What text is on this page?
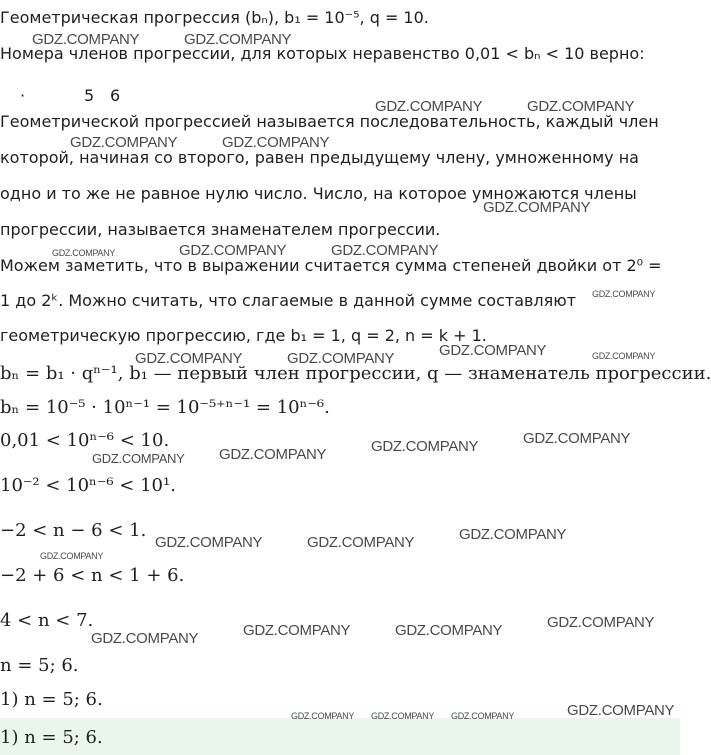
Геометрическая прогрессия (bₙ), b₁ = 10⁻⁵, q = 10.
Номера членов прогрессии, для которых неравенство 0,01 < bₙ < 10 верно:
·	5 6
Геометрической прогрессией называется последовательность, каждый член
которой, начиная со второго, равен предыдущему члену, умноженному на
одно и то же не равное нулю число. Число, на которое умножаются члены
прогрессии, называется знаменателем прогрессии.
Можем заметить, что в выражении считается сумма степеней двойки от 2⁰ =
1 до 2ᵏ. Можно считать, что слагаемые в данной сумме составляют
геометрическую прогрессию, где b₁ = 1, q = 2, n = k + 1.
bₙ = b₁ · qⁿ⁻¹, b₁ — первый член прогрессии, q — знаменатель прогрессии.
bₙ = 10⁻⁵ · 10ⁿ⁻¹ = 10⁻⁵⁺ⁿ⁻¹ = 10ⁿ⁻⁶.
0,01 < 10ⁿ⁻⁶ < 10.
10⁻² < 10ⁿ⁻⁶ < 10¹.
−2 < n − 6 < 1.
−2 + 6 < n < 1 + 6.
4 < n < 7.
n = 5; 6.
1) n = 5; 6.
1) n = 5; 6.
GDZ.COMPANY	GDZ.COMPANY
GDZ.COMPANY	GDZ.COMPANY
GDZ.COMPANY	GDZ.COMPANY
GDZ.COMPANY
GDZ.COMPANY	GDZ.COMPANY	GDZ.COMPANY
GDZ.COMPANY
GDZ.COMPANY	GDZ.COMPANY
GDZ.COMPANY	GDZ.COMPANY
GDZ.COMPANY
GDZ.COMPANY	GDZ.COMPANY
GDZ.COMPANY
GDZ.COMPANY
GDZ.COMPANY	GDZ.COMPANY
GDZ.COMPANY
GDZ.COMPANY
GDZ.COMPANY	GDZ.COMPANY
GDZ.COMPANY
GDZ.COMPANY
GDZ.COMPANY GDZ.COMPANY GDZ.COMPANY
